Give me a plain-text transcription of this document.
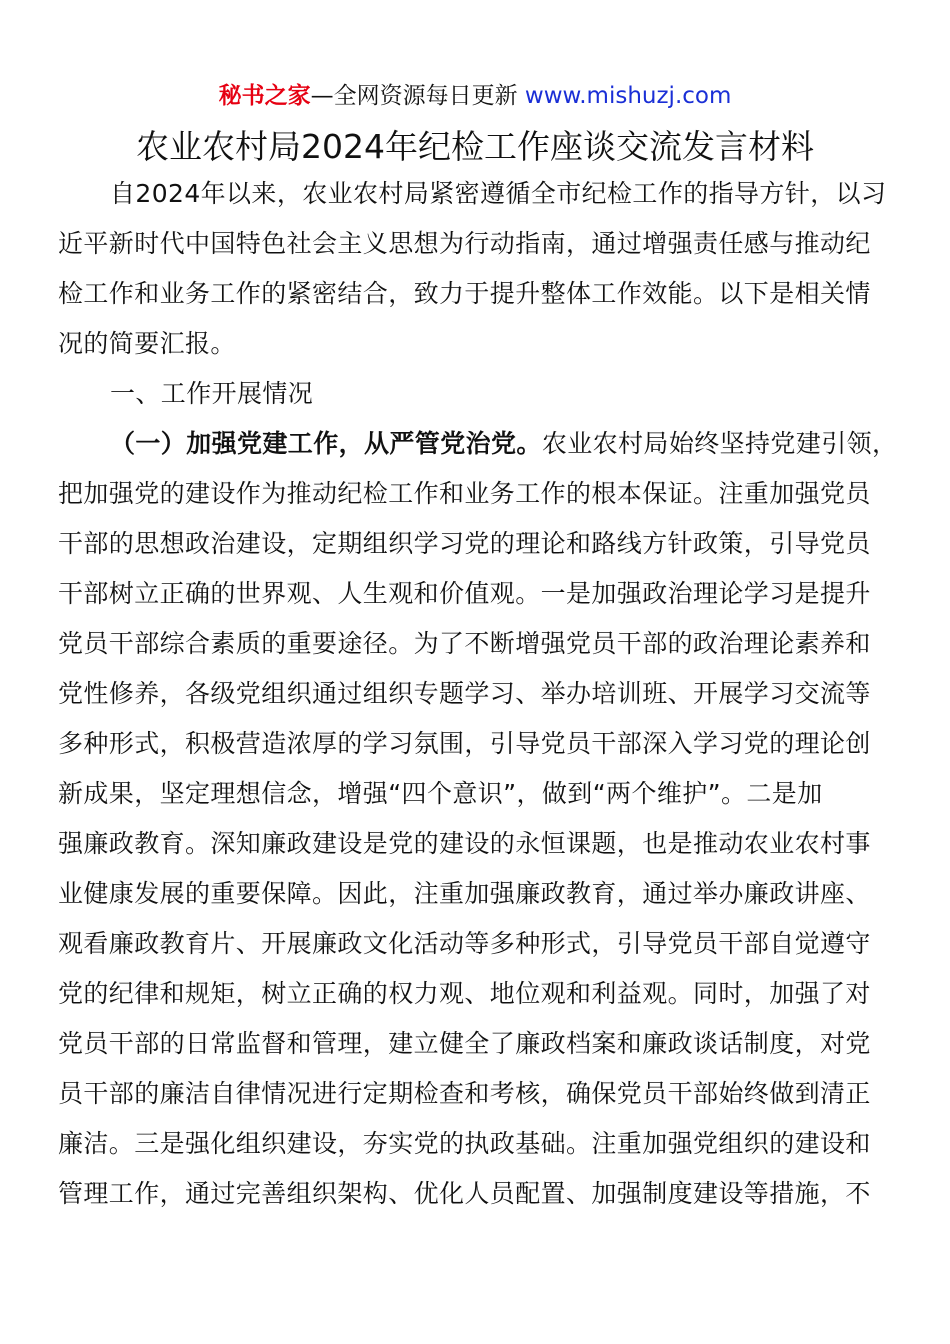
秘书之家—全网资源每日更新 www.mishuzj.com
农业农村局2024年纪检工作座谈交流发言材料
自2024年以来，农业农村局紧密遵循全市纪检工作的指导方针，以习
近平新时代中国特色社会主义思想为行动指南，通过增强责任感与推动纪
检工作和业务工作的紧密结合，致力于提升整体工作效能。以下是相关情
况的简要汇报。
一、工作开展情况
（一）加强党建工作，从严管党治党。农业农村局始终坚持党建引领，
把加强党的建设作为推动纪检工作和业务工作的根本保证。注重加强党员
干部的思想政治建设，定期组织学习党的理论和路线方针政策，引导党员
干部树立正确的世界观、人生观和价值观。一是加强政治理论学习是提升
党员干部综合素质的重要途径。为了不断增强党员干部的政治理论素养和
党性修养，各级党组织通过组织专题学习、举办培训班、开展学习交流等
多种形式，积极营造浓厚的学习氛围，引导党员干部深入学习党的理论创
新成果，坚定理想信念，增强“四个意识”，做到“两个维护”。二是加
强廉政教育。深知廉政建设是党的建设的永恒课题，也是推动农业农村事
业健康发展的重要保障。因此，注重加强廉政教育，通过举办廉政讲座、
观看廉政教育片、开展廉政文化活动等多种形式，引导党员干部自觉遵守
党的纪律和规矩，树立正确的权力观、地位观和利益观。同时，加强了对
党员干部的日常监督和管理，建立健全了廉政档案和廉政谈话制度，对党
员干部的廉洁自律情况进行定期检查和考核，确保党员干部始终做到清正
廉洁。三是强化组织建设，夯实党的执政基础。注重加强党组织的建设和
管理工作，通过完善组织架构、优化人员配置、加强制度建设等措施，不
